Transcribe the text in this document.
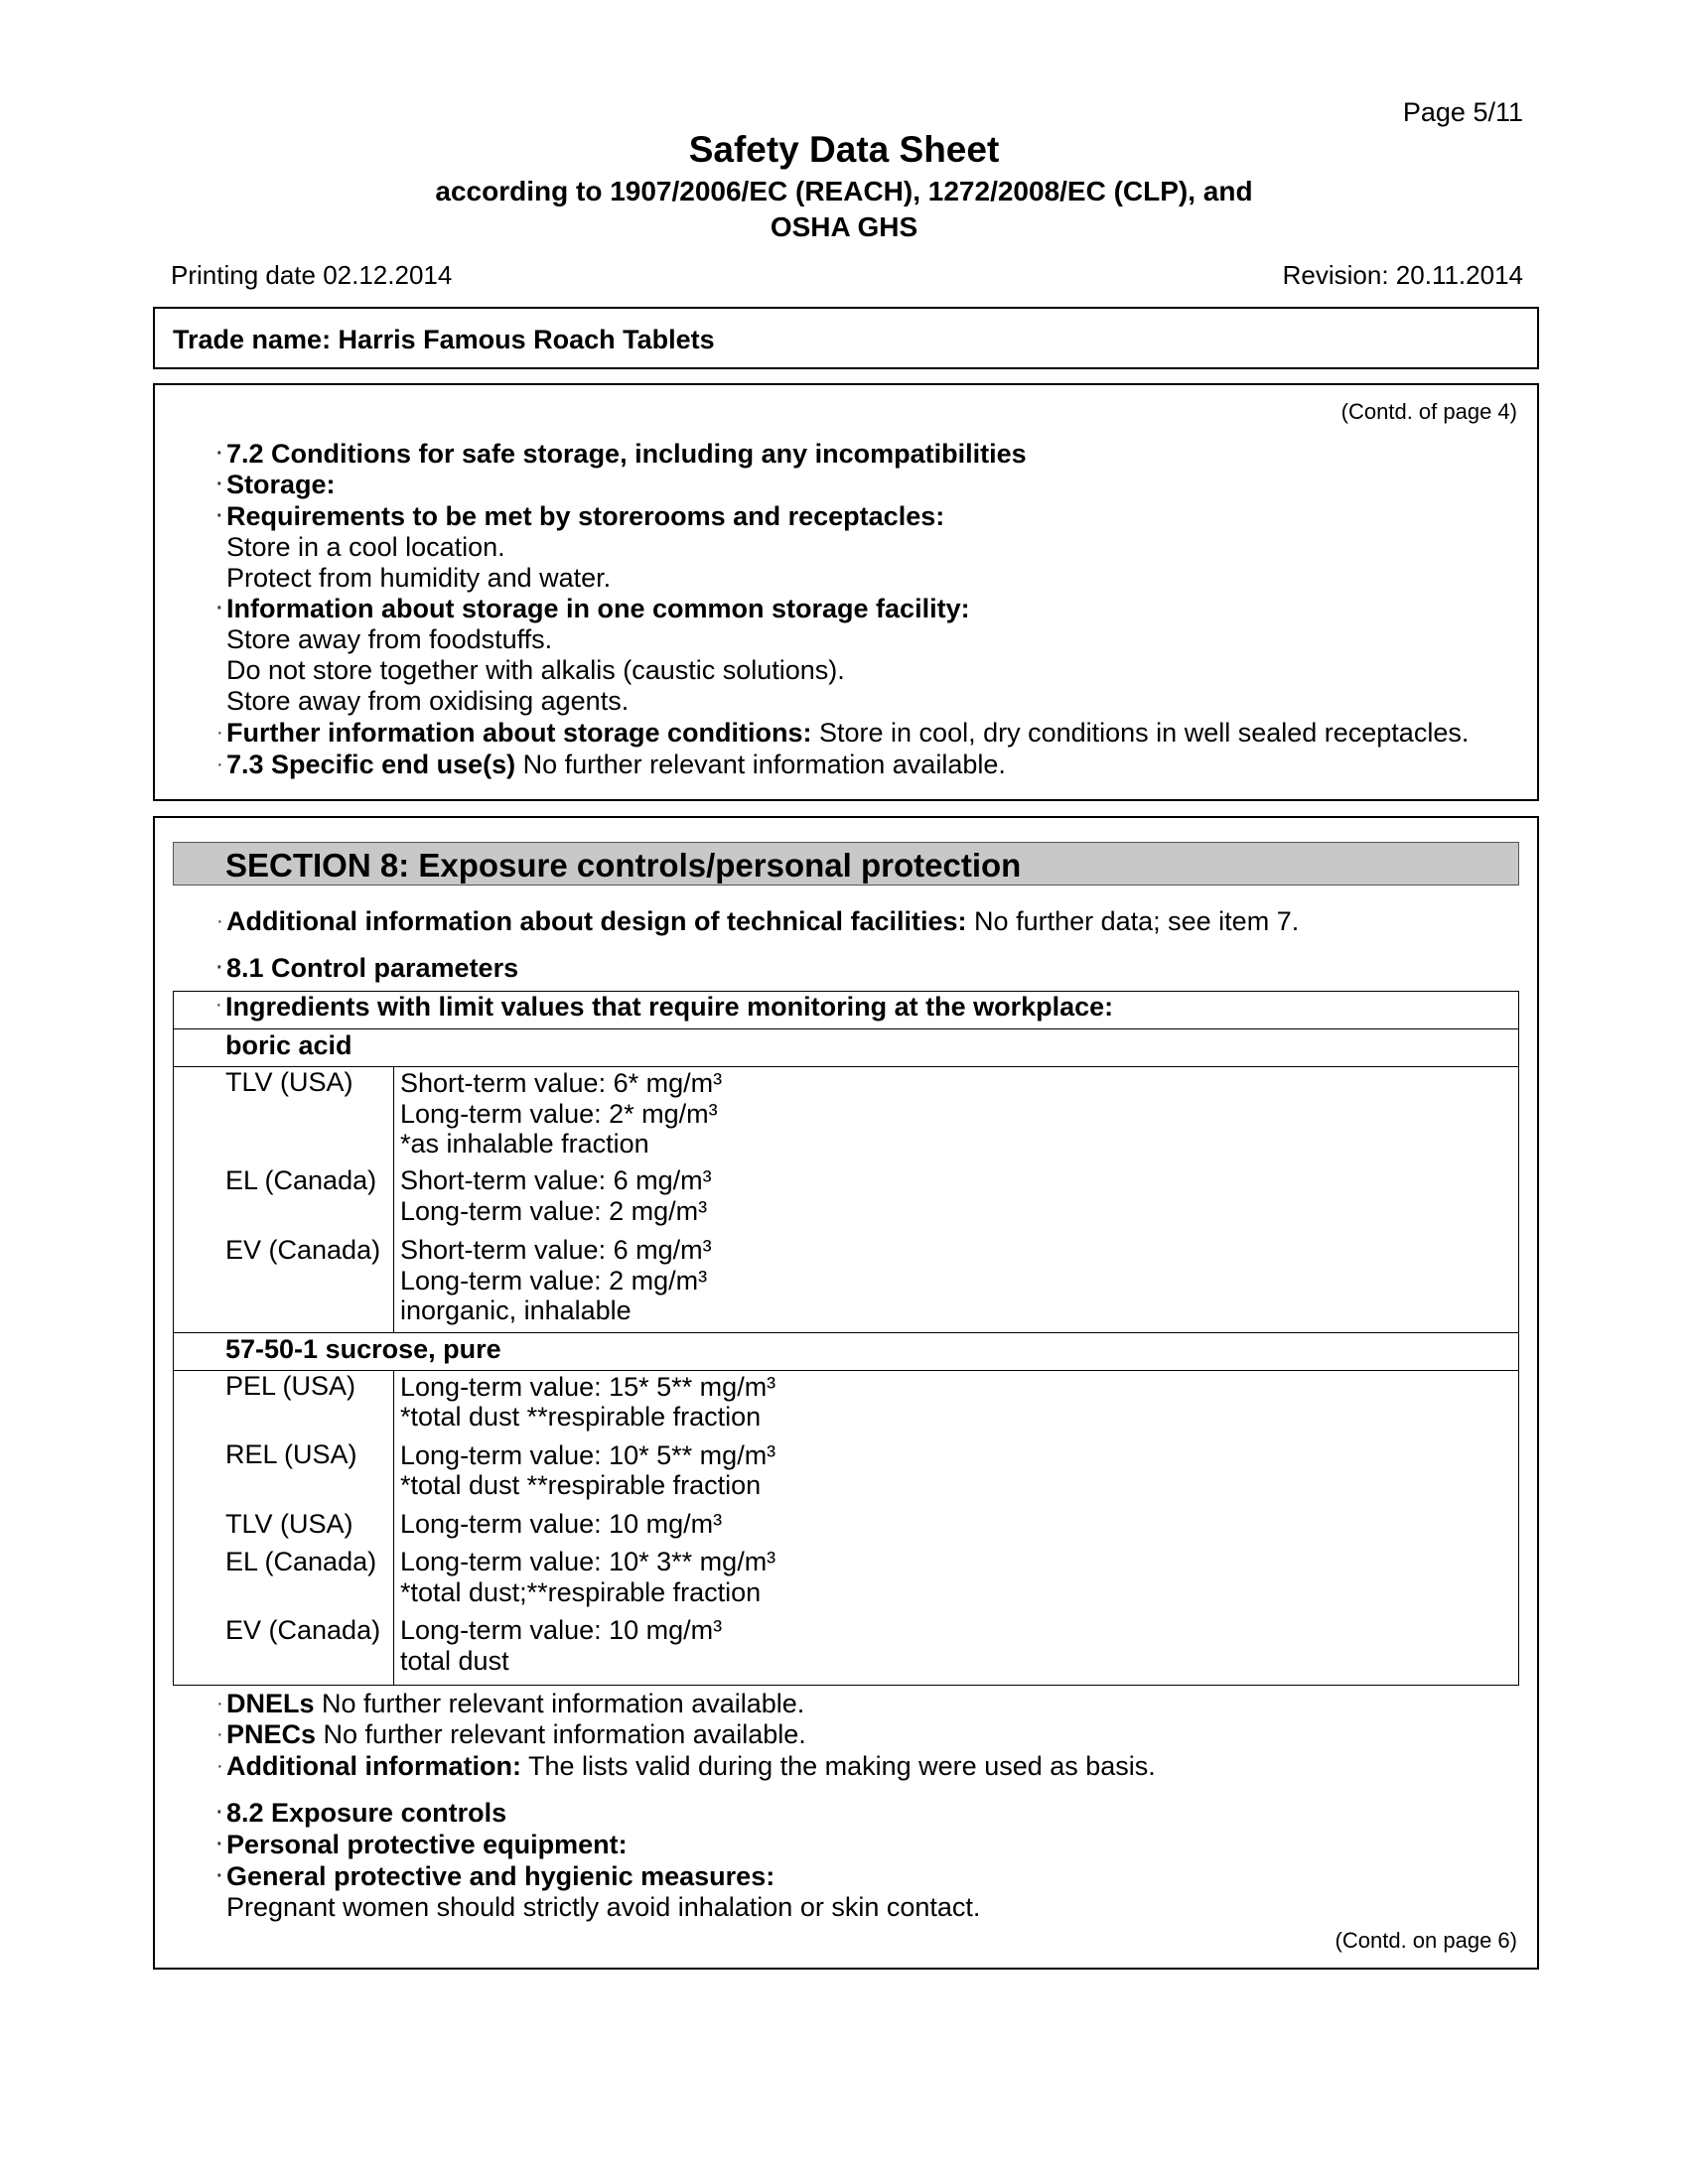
Page 5/11
Safety Data Sheet
according to 1907/2006/EC (REACH), 1272/2008/EC (CLP), and
OSHA GHS
Printing date 02.12.2014	Revision: 20.11.2014
Trade name: Harris Famous Roach Tablets
(Contd. of page 4)
· 7.2 Conditions for safe storage, including any incompatibilities
· Storage:
· Requirements to be met by storerooms and receptacles:
Store in a cool location.
Protect from humidity and water.
· Information about storage in one common storage facility:
Store away from foodstuffs.
Do not store together with alkalis (caustic solutions).
Store away from oxidising agents.
· Further information about storage conditions: Store in cool, dry conditions in well sealed receptacles.
· 7.3 Specific end use(s) No further relevant information available.
SECTION 8: Exposure controls/personal protection
· Additional information about design of technical facilities: No further data; see item 7.
· 8.1 Control parameters
· Ingredients with limit values that require monitoring at the workplace:
boric acid
TLV (USA) Short-term value: 6* mg/m³
Long-term value: 2* mg/m³
*as inhalable fraction
EL (Canada) Short-term value: 6 mg/m³
Long-term value: 2 mg/m³
EV (Canada) Short-term value: 6 mg/m³
Long-term value: 2 mg/m³
inorganic, inhalable
57-50-1 sucrose, pure
PEL (USA) Long-term value: 15* 5** mg/m³
*total dust **respirable fraction
REL (USA) Long-term value: 10* 5** mg/m³
*total dust **respirable fraction
TLV (USA) Long-term value: 10 mg/m³
EL (Canada) Long-term value: 10* 3** mg/m³
*total dust;**respirable fraction
EV (Canada) Long-term value: 10 mg/m³
total dust
· DNELs No further relevant information available.
· PNECs No further relevant information available.
· Additional information: The lists valid during the making were used as basis.
· 8.2 Exposure controls
· Personal protective equipment:
· General protective and hygienic measures:
Pregnant women should strictly avoid inhalation or skin contact.
(Contd. on page 6)
